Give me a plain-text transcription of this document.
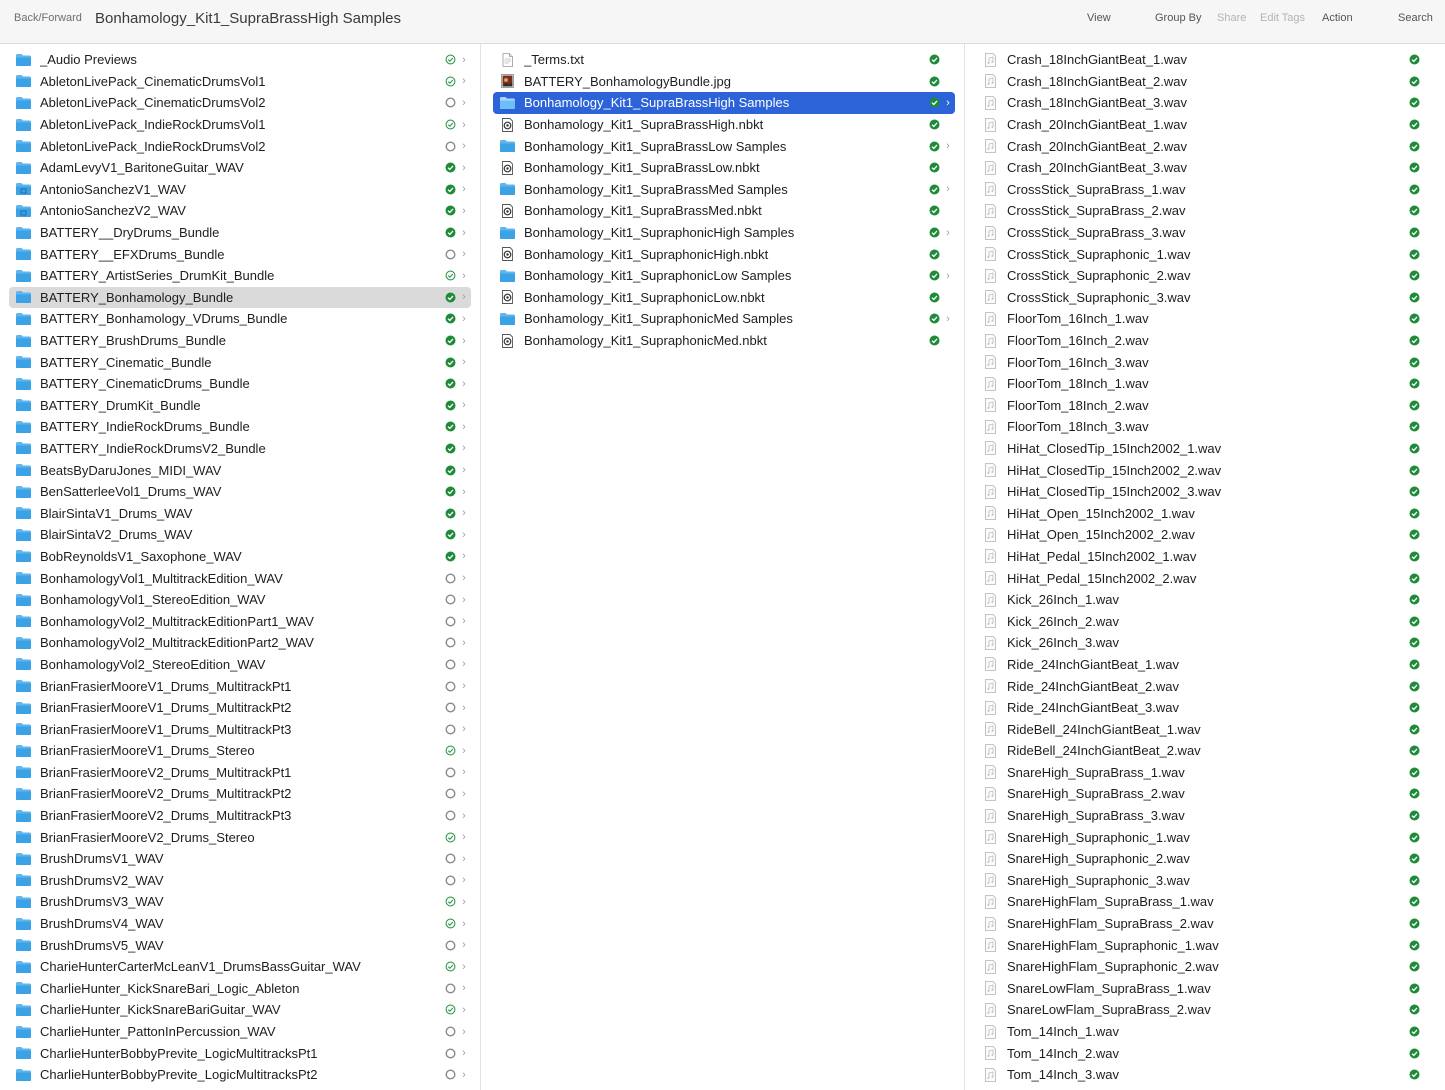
Back/Forward Bonhamology_Kit1_SupraBrassHigh Samples	View	Group By Share Edit Tags Action	Search
_Audio Previews	›
AbletonLivePack_CinematicDrumsVol1	›
AbletonLivePack_CinematicDrumsVol2	›
AbletonLivePack_IndieRockDrumsVol1	›
AbletonLivePack_IndieRockDrumsVol2	›
AdamLevyV1_BaritoneGuitar_WAV	›
AntonioSanchezV1_WAV	›
AntonioSanchezV2_WAV	›
BATTERY__DryDrums_Bundle	›
BATTERY__EFXDrums_Bundle	›
BATTERY_ArtistSeries_DrumKit_Bundle	›
BATTERY_Bonhamology_Bundle	›
BATTERY_Bonhamology_VDrums_Bundle	›
BATTERY_BrushDrums_Bundle	›
BATTERY_Cinematic_Bundle	›
BATTERY_CinematicDrums_Bundle	›
BATTERY_DrumKit_Bundle	›
BATTERY_IndieRockDrums_Bundle	›
BATTERY_IndieRockDrumsV2_Bundle	›
BeatsByDaruJones_MIDI_WAV	›
BenSatterleeVol1_Drums_WAV	›
BlairSintaV1_Drums_WAV	›
BlairSintaV2_Drums_WAV	›
BobReynoldsV1_Saxophone_WAV	›
BonhamologyVol1_MultitrackEdition_WAV	›
BonhamologyVol1_StereoEdition_WAV	›
BonhamologyVol2_MultitrackEditionPart1_WAV	›
BonhamologyVol2_MultitrackEditionPart2_WAV	›
BonhamologyVol2_StereoEdition_WAV	›
BrianFrasierMooreV1_Drums_MultitrackPt1	›
BrianFrasierMooreV1_Drums_MultitrackPt2	›
BrianFrasierMooreV1_Drums_MultitrackPt3	›
BrianFrasierMooreV1_Drums_Stereo	›
BrianFrasierMooreV2_Drums_MultitrackPt1	›
BrianFrasierMooreV2_Drums_MultitrackPt2	›
BrianFrasierMooreV2_Drums_MultitrackPt3	›
BrianFrasierMooreV2_Drums_Stereo	›
BrushDrumsV1_WAV	›
BrushDrumsV2_WAV	›
BrushDrumsV3_WAV	›
BrushDrumsV4_WAV	›
BrushDrumsV5_WAV	›
CharieHunterCarterMcLeanV1_DrumsBassGuitar_WAV	›
CharlieHunter_KickSnareBari_Logic_Ableton	›
CharlieHunter_KickSnareBariGuitar_WAV	›
CharlieHunter_PattonInPercussion_WAV	›
CharlieHunterBobbyPrevite_LogicMultitracksPt1	›
CharlieHunterBobbyPrevite_LogicMultitracksPt2	›
_Terms.txt
BATTERY_BonhamologyBundle.jpg
Bonhamology_Kit1_SupraBrassHigh Samples	›
Bonhamology_Kit1_SupraBrassHigh.nbkt
Bonhamology_Kit1_SupraBrassLow Samples	›
Bonhamology_Kit1_SupraBrassLow.nbkt
Bonhamology_Kit1_SupraBrassMed Samples	›
Bonhamology_Kit1_SupraBrassMed.nbkt
Bonhamology_Kit1_SupraphonicHigh Samples	›
Bonhamology_Kit1_SupraphonicHigh.nbkt
Bonhamology_Kit1_SupraphonicLow Samples	›
Bonhamology_Kit1_SupraphonicLow.nbkt
Bonhamology_Kit1_SupraphonicMed Samples	›
Bonhamology_Kit1_SupraphonicMed.nbkt
Crash_18InchGiantBeat_1.wav
Crash_18InchGiantBeat_2.wav
Crash_18InchGiantBeat_3.wav
Crash_20InchGiantBeat_1.wav
Crash_20InchGiantBeat_2.wav
Crash_20InchGiantBeat_3.wav
CrossStick_SupraBrass_1.wav
CrossStick_SupraBrass_2.wav
CrossStick_SupraBrass_3.wav
CrossStick_Supraphonic_1.wav
CrossStick_Supraphonic_2.wav
CrossStick_Supraphonic_3.wav
FloorTom_16Inch_1.wav
FloorTom_16Inch_2.wav
FloorTom_16Inch_3.wav
FloorTom_18Inch_1.wav
FloorTom_18Inch_2.wav
FloorTom_18Inch_3.wav
HiHat_ClosedTip_15Inch2002_1.wav
HiHat_ClosedTip_15Inch2002_2.wav
HiHat_ClosedTip_15Inch2002_3.wav
HiHat_Open_15Inch2002_1.wav
HiHat_Open_15Inch2002_2.wav
HiHat_Pedal_15Inch2002_1.wav
HiHat_Pedal_15Inch2002_2.wav
Kick_26Inch_1.wav
Kick_26Inch_2.wav
Kick_26Inch_3.wav
Ride_24InchGiantBeat_1.wav
Ride_24InchGiantBeat_2.wav
Ride_24InchGiantBeat_3.wav
RideBell_24InchGiantBeat_1.wav
RideBell_24InchGiantBeat_2.wav
SnareHigh_SupraBrass_1.wav
SnareHigh_SupraBrass_2.wav
SnareHigh_SupraBrass_3.wav
SnareHigh_Supraphonic_1.wav
SnareHigh_Supraphonic_2.wav
SnareHigh_Supraphonic_3.wav
SnareHighFlam_SupraBrass_1.wav
SnareHighFlam_SupraBrass_2.wav
SnareHighFlam_Supraphonic_1.wav
SnareHighFlam_Supraphonic_2.wav
SnareLowFlam_SupraBrass_1.wav
SnareLowFlam_SupraBrass_2.wav
Tom_14Inch_1.wav
Tom_14Inch_2.wav
Tom_14Inch_3.wav
